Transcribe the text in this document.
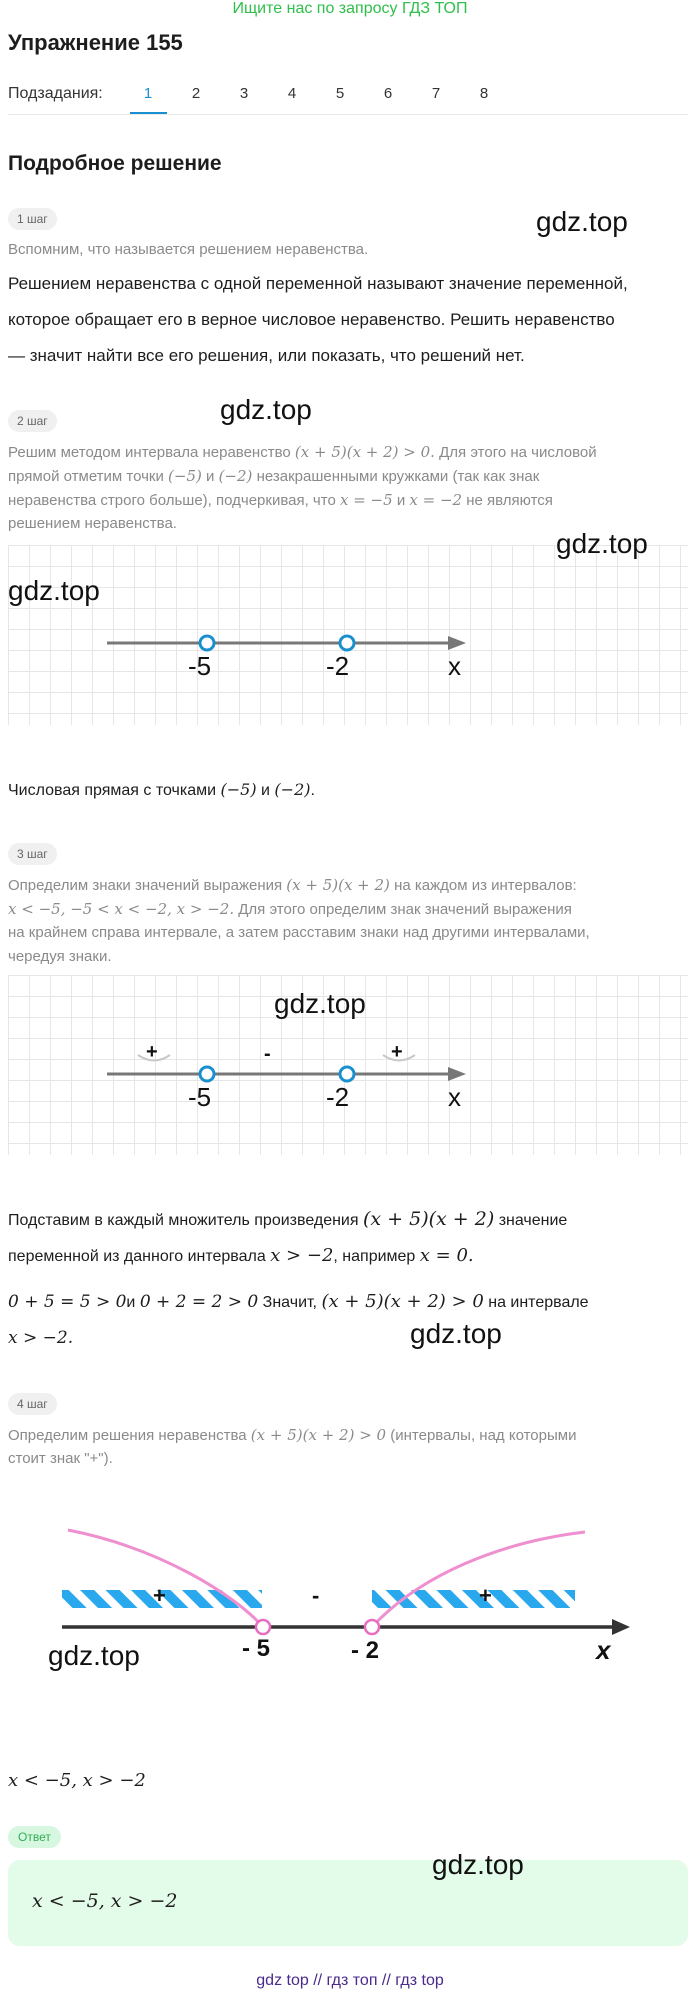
Ищите нас по запросу ГДЗ ТОП
Упражнение 155
Подзадания:	1	2	3	4	5	6	7	8
Подробное решение
1 шаг	gdz.top
Вспомним, что называется решением неравенства.
Решением неравенства с одной переменной называют значение переменной,
которое обращает его в верное числовое неравенство. Решить неравенство
— значит найти все его решения, или показать, что решений нет.
2 шаг	gdz.top
Решим методом интервала неравенство (x + 5)(x + 2) > 0. Для этого на числовой
прямой отметим точки (−5) и (−2) незакрашенными кружками (так как знак
неравенства строго больше), подчеркивая, что x = −5 и x = −2 не являются
решением неравенства.
-5	-2	x
gdz.top
gdz.top
Числовая прямая с точками (−5) и (−2).
3 шаг
Определим знаки значений выражения (x + 5)(x + 2) на каждом из интервалов:
x < −5, −5 < x < −2, x > −2. Для этого определим знак значений выражения
на крайнем справа интервале, а затем расставим знаки над другими интервалами,
чередуя знаки.
+	-	+
-5	-2	x
gdz.top
Подставим в каждый множитель произведения (x + 5)(x + 2) значение
переменной из данного интервала x > −2, например x = 0.
0 + 5 = 5 > 0и 0 + 2 = 2 > 0 Значит, (x + 5)(x + 2) > 0 на интервале
x > −2.	gdz.top
4 шаг
Определим решения неравенства (x + 5)(x + 2) > 0 (интервалы, над которыми
стоит знак "+").
+	-	+
- 5	- 2	x
gdz.top
x < −5, x > −2
Ответ
x < −5, x > −2
gdz.top
gdz top // гдз топ // гдз top
